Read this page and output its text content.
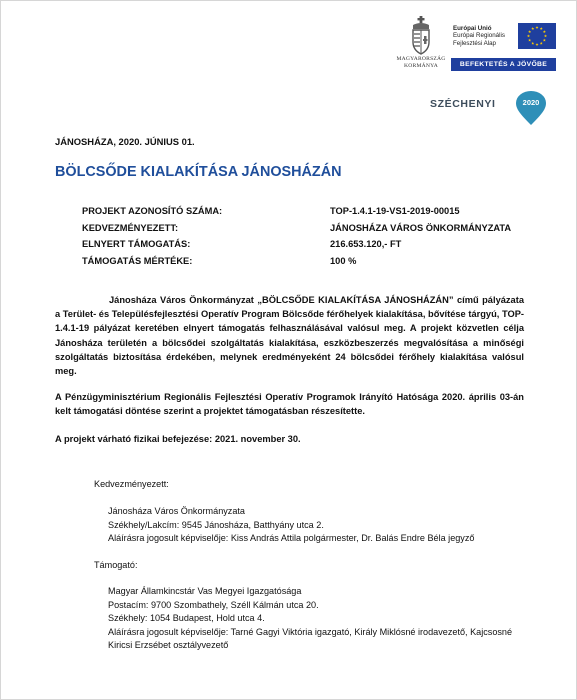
MAGYARORSZÁG
KORMÁNYA
Európai Unió
Európai Regionális
Fejlesztési Alap
BEFEKTETÉS A JÖVŐBE
SZÉCHENYI	2020
JÁNOSHÁZA, 2020. JÚNIUS 01.
BÖLCSŐDE KIALAKÍTÁSA JÁNOSHÁZÁN
PROJEKT AZONOSÍTÓ SZÁMA:	TOP-1.4.1-19-VS1-2019-00015
KEDVEZMÉNYEZETT:	JÁNOSHÁZA VÁROS ÖNKORMÁNYZATA
ELNYERT TÁMOGATÁS:	216.653.120,- FT
TÁMOGATÁS MÉRTÉKE:	100 %

Jánosháza Város Önkormányzat „BÖLCSŐDE KIALAKÍTÁSA JÁNOSHÁZÁN” című pályázata a Terület- és Településfejlesztési Operatív Program Bölcsőde férőhelyek kialakítása, bővítése tárgyú, TOP-1.4.1-19 pályázat keretében elnyert támogatás felhasználásával valósul meg. A projekt közvetlen célja Jánosháza területén a bölcsődei szolgáltatás kialakítása, eszközbeszerzés megvalósítása a minőségi szolgáltatás biztosítása érdekében, melynek eredményeként 24 bölcsődei férőhely kialakítása valósul meg.

A Pénzügyminisztérium Regionális Fejlesztési Operatív Programok Irányító Hatósága 2020. április 03-án kelt támogatási döntése szerint a projektet támogatásban részesítette.

A projekt várható fizikai befejezése: 2021. november 30.

Kedvezményezett:
Jánosháza Város Önkormányzata
Székhely/Lakcím: 9545 Jánosháza, Batthyány utca 2.
Aláírásra jogosult képviselője: Kiss András Attila polgármester, Dr. Balás Endre Béla jegyző
Támogató:
Magyar Államkincstár Vas Megyei Igazgatósága
Postacím: 9700 Szombathely, Széll Kálmán utca 20.
Székhely: 1054 Budapest, Hold utca 4.
Aláírásra jogosult képviselője: Tarné Gagyi Viktória igazgató, Király Miklósné irodavezető, Kajcsosné Kiricsi Erzsébet osztályvezető
